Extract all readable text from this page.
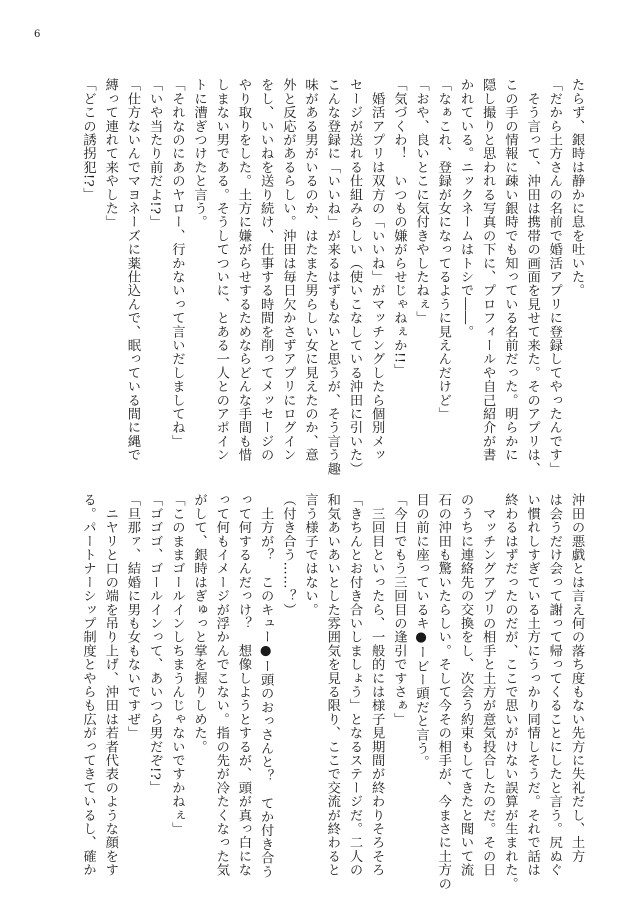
6

たらず、銀時は静かに息を吐いた。

「だから土方さんの名前で婚活アプリに登録してやったんです」

　そう言って、沖田は携帯の画面を見せて来た。そのアプリは、

この手の情報に疎い銀時でも知っている名前だった。明らかに

隠し撮りと思われる写真の下に、プロフィールや自己紹介が書

かれている。ニックネームはトシで――。

「なぁこれ、登録が女になってるように見えんだけど」

「おや、良いとこに気付きやしたねぇ」

「気づくわ！　いつもの嫌がらせじゃねぇか!!」

　婚活アプリは双方の「いいね」がマッチングしたら個別メッ

セージが送れる仕組みらしい（使いこなしている沖田に引いた）

こんな登録に「いいね」が来るはずもないと思うが、そう言う趣

味がある男がいるのか、はたまた男らしい女に見えたのか、意

外と反応があるらしい。沖田は毎日欠かさずアプリにログイン

をし、いいねを送り続け、仕事する時間を削ってメッセージの

やり取りをした。土方に嫌がらせするためならどんな手間も惜

しまない男である。そうしてついに、とある一人とのアポイン

トに漕ぎつけたと言う。

「それなのにあのヤロー、行かないって言いだしましてね」

「いや当たり前だよ!?」

「仕方ないんでマヨネーズに薬仕込んで、眠っている間に縄で

縛って連れて来やした」

「どこの誘拐犯!?」

沖田の悪戯とは言え何の落ち度もない先方に失礼だし、土方

は会うだけ会って謝って帰ってくることにしたと言う。尻ぬぐ

い慣れしすぎている土方にうっかり同情しそうだ。それで話は

終わるはずだったのだが、ここで思いがけない誤算が生まれた。

　マッチングアプリの相手と土方が意気投合したのだ。その日

のうちに連絡先の交換をし、次会う約束もしてきたと聞いて流

石の沖田も驚いたらしい。そして今その相手が、今まさに土方の

目の前に座っているキ●ービー頭だと言う。

「今日でもう三回目の逢引ですさぁ」

　三回目といったら、一般的には様子見期間が終わりそろそろ

「きちんとお付き合いしましょう」となるステージだ。二人の

和気あいあいとした雰囲気を見る限り、ここで交流が終わると

言う様子ではない。

（付き合う……？）

　土方が？　このキュー●ー頭のおっさんと？　てか付き合う

って何するんだっけ？　想像しようとするが、頭が真っ白にな

って何もイメージが浮かんでこない。指の先が冷たくなった気

がして、銀時はぎゅっと掌を握りしめた。

「このままゴールインしちまうんじゃないですかねぇ」

「ゴゴゴ、ゴールインって、あいつら男だぞ!?」

「旦那ァ、結婚に男も女もないですぜ」

　ニヤリと口の端を吊り上げ、沖田は若者代表のような顔をす

る。パートナーシップ制度とやらも広がってきているし、確か
